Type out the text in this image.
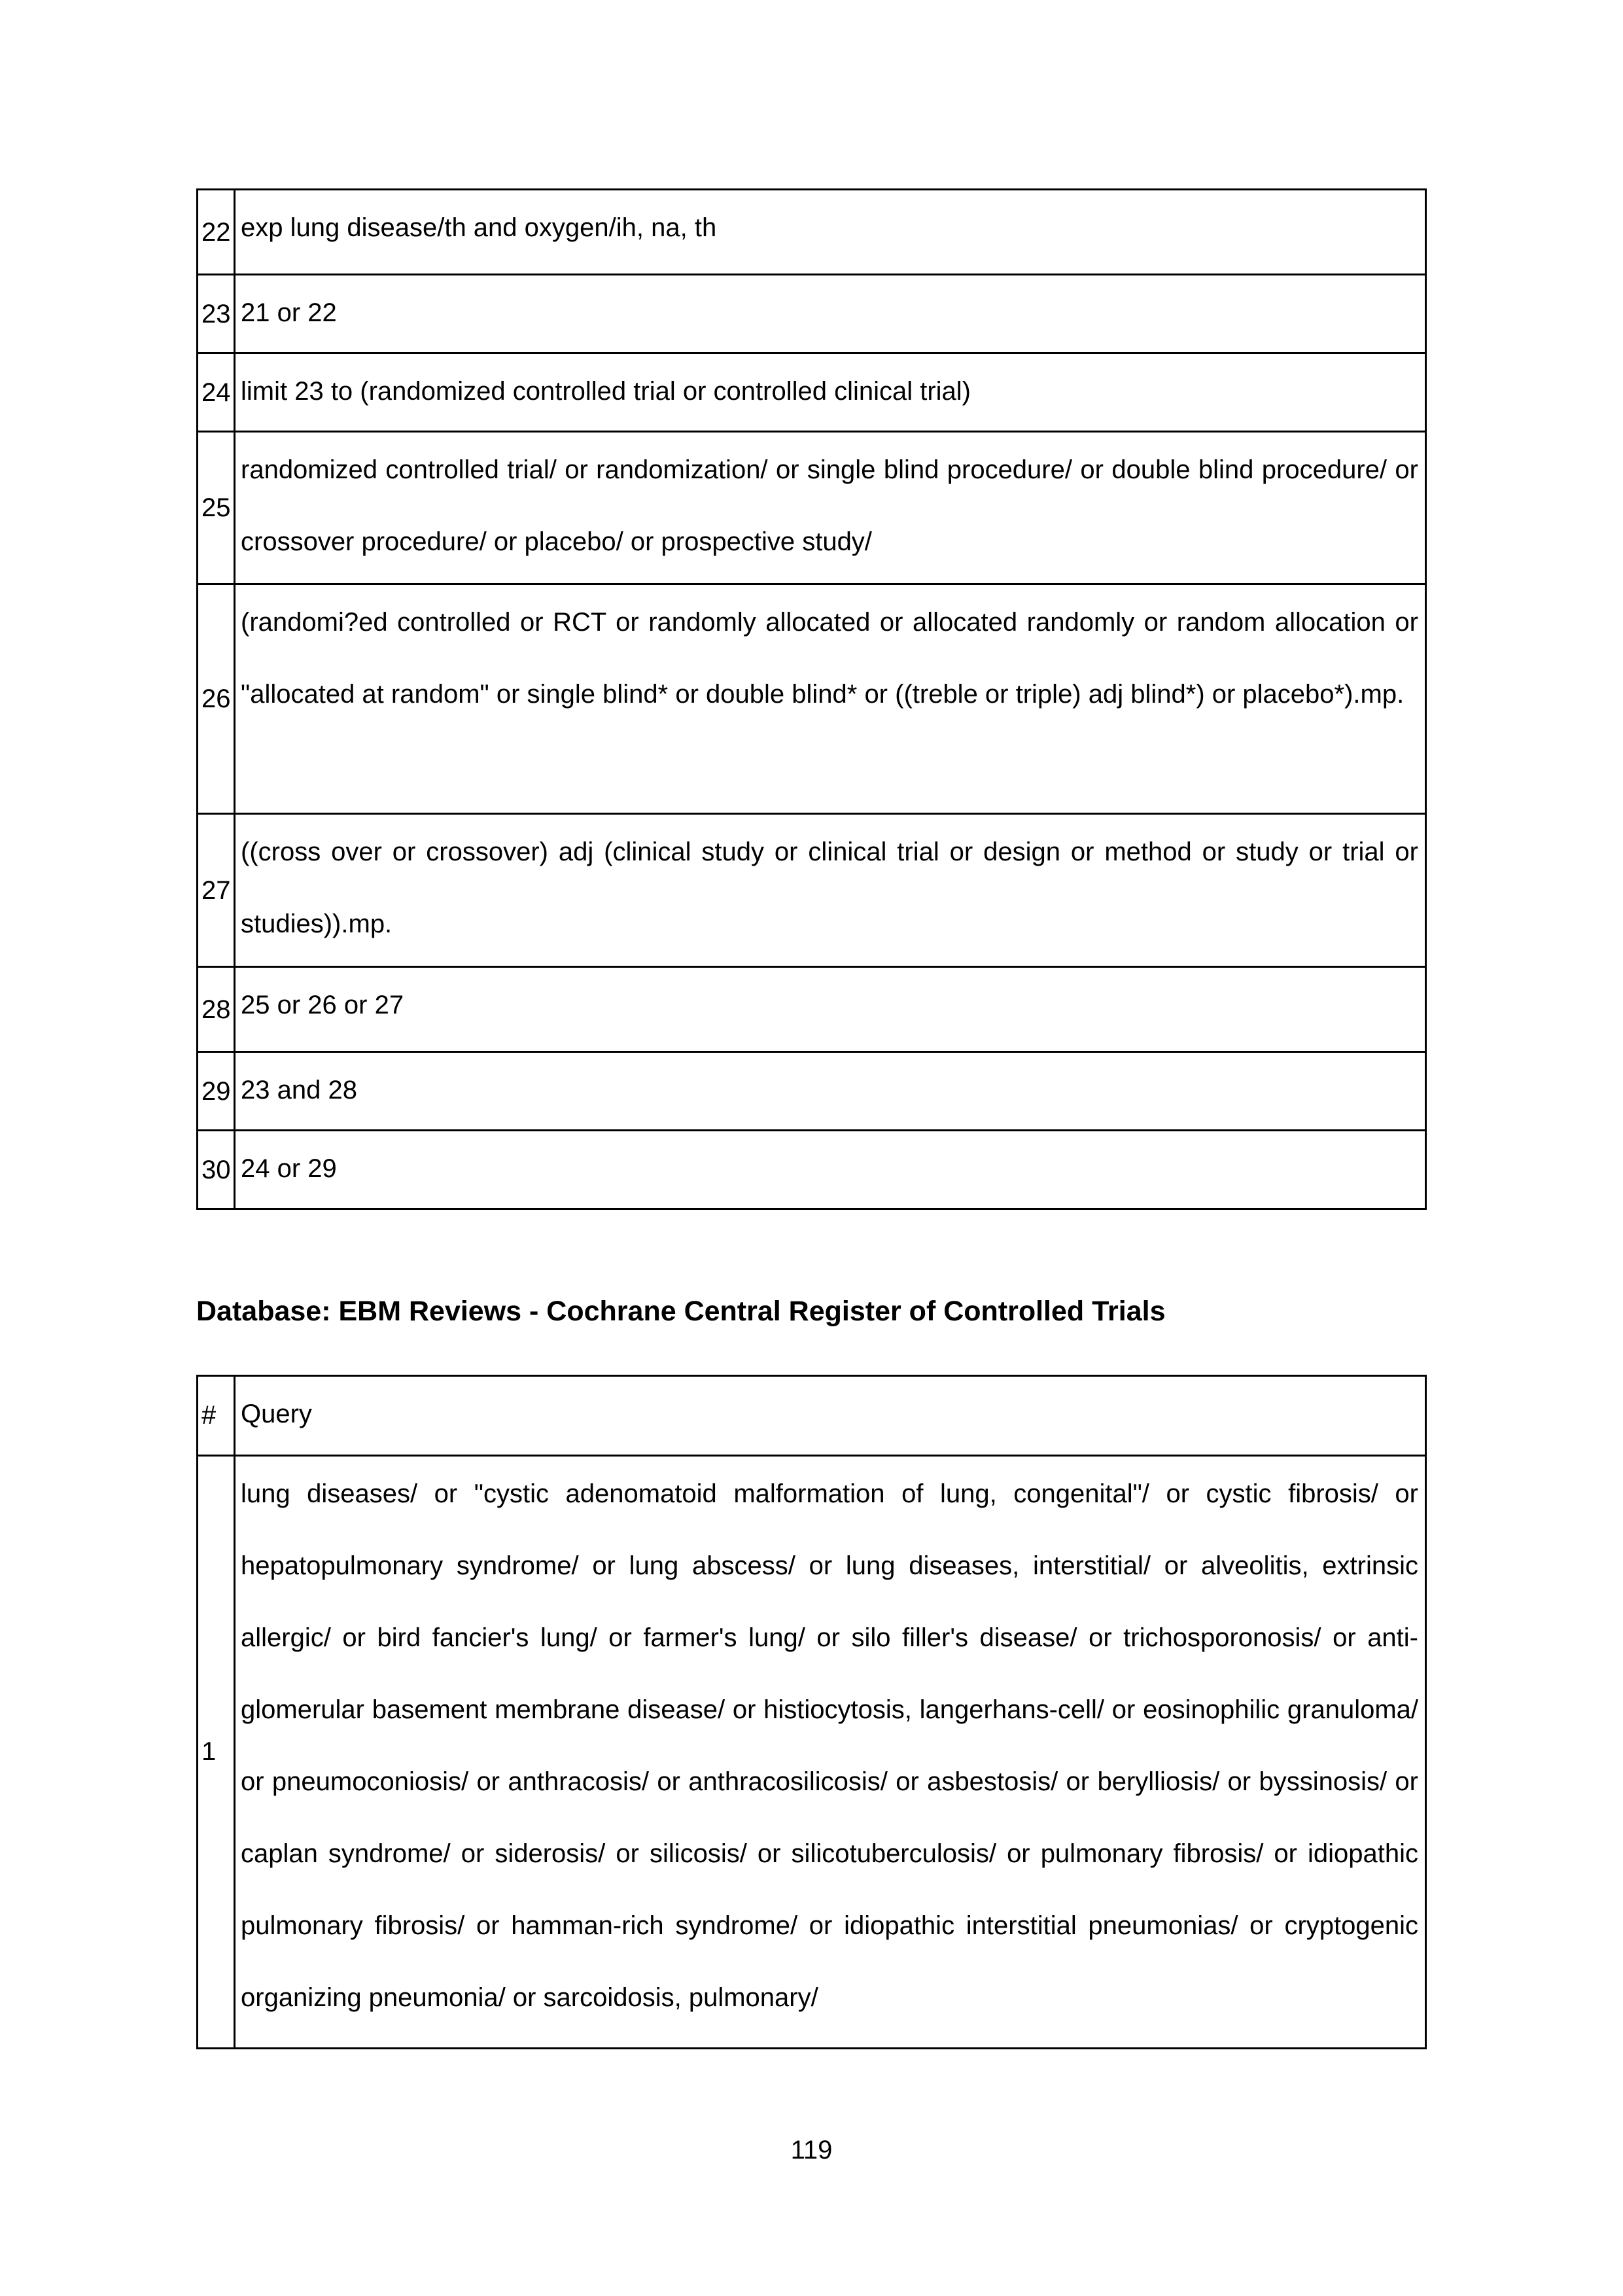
22	exp lung disease/th and oxygen/ih, na, th
23	21 or 22
24	limit 23 to (randomized controlled trial or controlled clinical trial)
25	randomized controlled trial/ or randomization/ or single blind procedure/ or double blind procedure/ or crossover procedure/ or placebo/ or prospective study/
26	(randomi?ed controlled or RCT or randomly allocated or allocated randomly or random allocation or "allocated at random" or single blind* or double blind* or ((treble or triple) adj blind*) or placebo*).mp.
27	((cross over or crossover) adj (clinical study or clinical trial or design or method or study or trial or studies)).mp.
28	25 or 26 or 27
29	23 and 28
30	24 or 29
Database: EBM Reviews - Cochrane Central Register of Controlled Trials
#	Query
1	lung diseases/ or "cystic adenomatoid malformation of lung, congenital"/ or cystic fibrosis/ or hepatopulmonary syndrome/ or lung abscess/ or lung diseases, interstitial/ or alveolitis, extrinsic allergic/ or bird fancier's lung/ or farmer's lung/ or silo filler's disease/ or trichosporonosis/ or anti-glomerular basement membrane disease/ or histiocytosis, langerhans-cell/ or eosinophilic granuloma/ or pneumoconiosis/ or anthracosis/ or anthracosilicosis/ or asbestosis/ or berylliosis/ or byssinosis/ or caplan syndrome/ or siderosis/ or silicosis/ or silicotuberculosis/ or pulmonary fibrosis/ or idiopathic pulmonary fibrosis/ or hamman-rich syndrome/ or idiopathic interstitial pneumonias/ or cryptogenic organizing pneumonia/ or sarcoidosis, pulmonary/
119
